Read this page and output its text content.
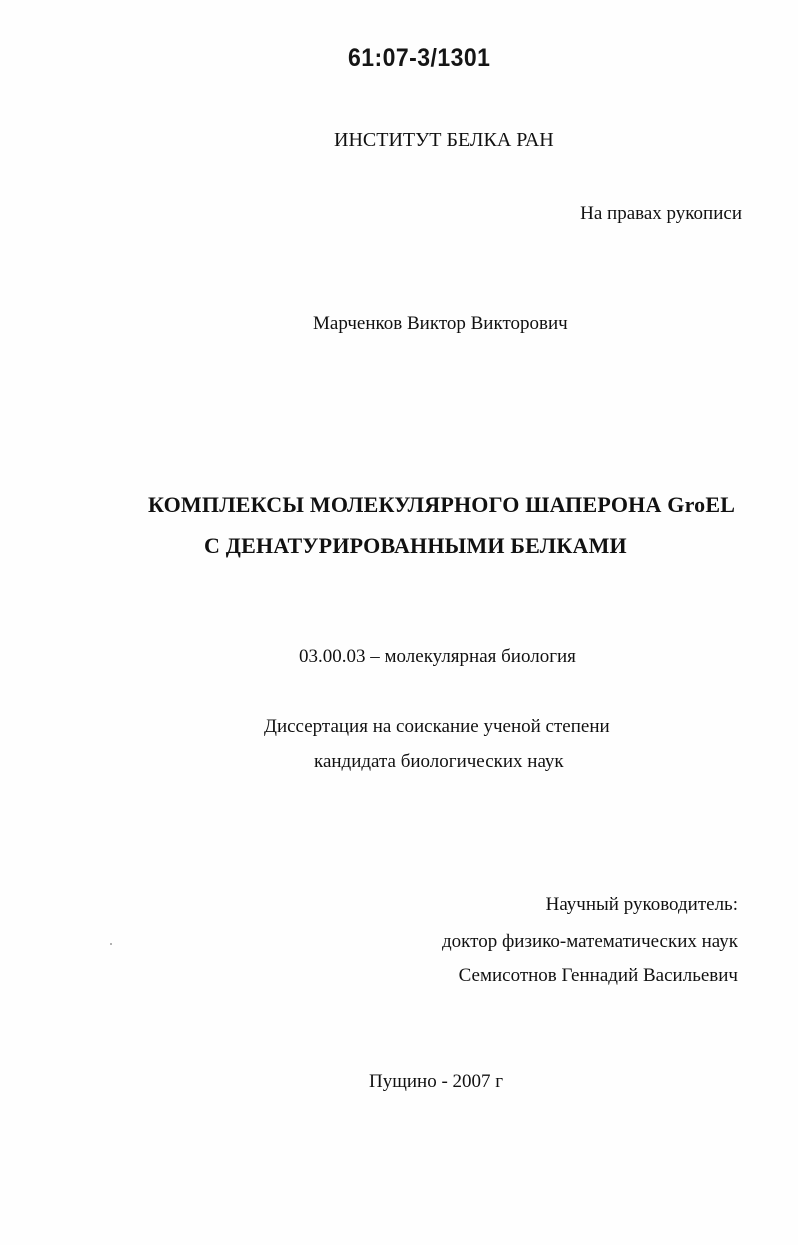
61:07-3/1301
ИНСТИТУТ БЕЛКА РАН
На правах рукописи
Марченков Виктор Викторович
КОМПЛЕКСЫ МОЛЕКУЛЯРНОГО ШАПЕРОНА GroEL
С ДЕНАТУРИРОВАННЫМИ БЕЛКАМИ
03.00.03 – молекулярная биология
Диссертация на соискание ученой степени
кандидата биологических наук
Научный руководитель:
доктор физико-математических наук
Семисотнов Геннадий Васильевич
Пущино - 2007 г
